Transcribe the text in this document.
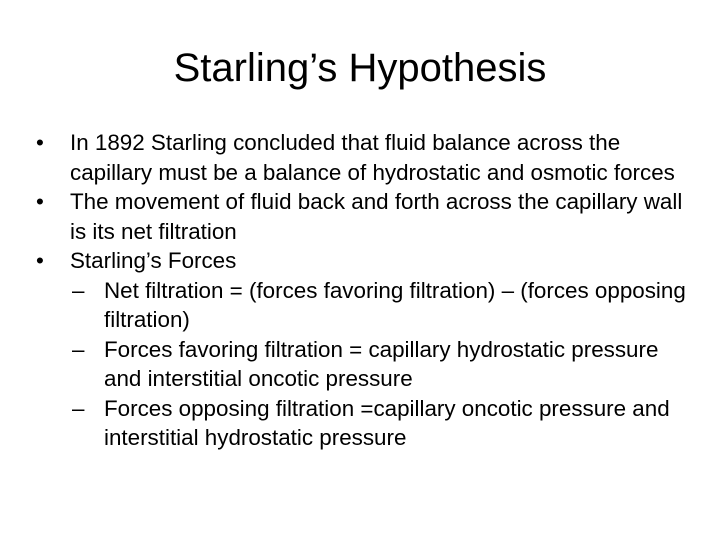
Starling’s Hypothesis
•	In 1892 Starling concluded that fluid balance across the capillary must be a balance of hydrostatic and osmotic forces
•	The movement of fluid back and forth across the capillary wall is its net filtration
•	Starling’s Forces
– Net filtration = (forces favoring filtration) – (forces opposing filtration)
– Forces favoring filtration = capillary hydrostatic pressure and interstitial oncotic pressure
– Forces opposing filtration =capillary oncotic pressure and interstitial hydrostatic pressure
